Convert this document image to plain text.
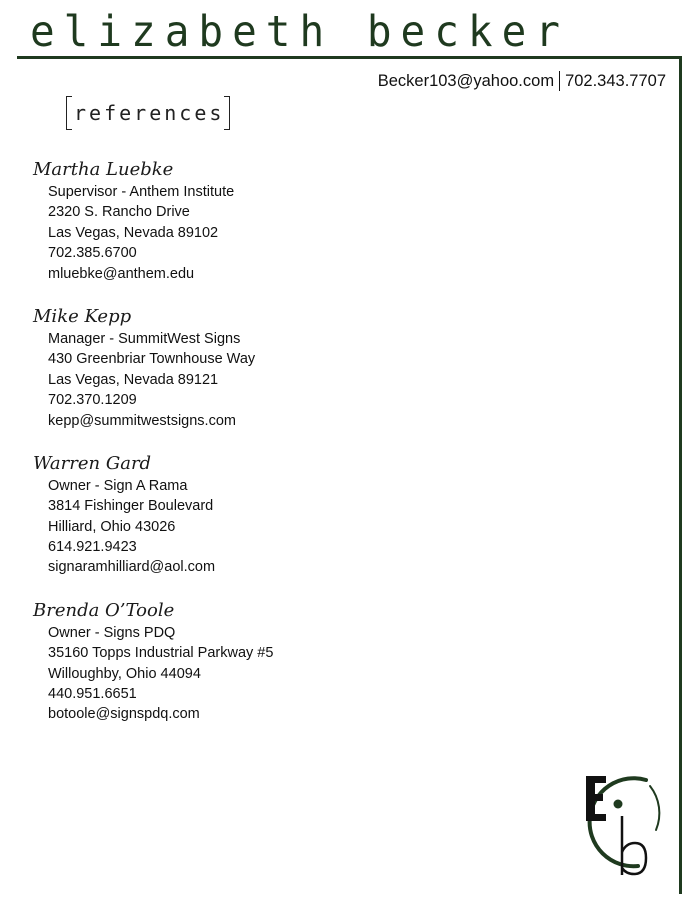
elizabeth becker
Becker103@yahoo.com 702.343.7707
references
Martha Luebke
Supervisor - Anthem Institute
2320 S. Rancho Drive
Las Vegas, Nevada 89102
702.385.6700
mluebke@anthem.edu
Mike Kepp
Manager - SummitWest Signs
430 Greenbriar Townhouse Way
Las Vegas, Nevada 89121
702.370.1209
kepp@summitwestsigns.com
Warren Gard
Owner - Sign A Rama
3814 Fishinger Boulevard
Hilliard, Ohio 43026
614.921.9423
signaramhilliard@aol.com
Brenda O’Toole
Owner - Signs PDQ
35160 Topps Industrial Parkway #5
Willoughby, Ohio 44094
440.951.6651
botoole@signspdq.com
